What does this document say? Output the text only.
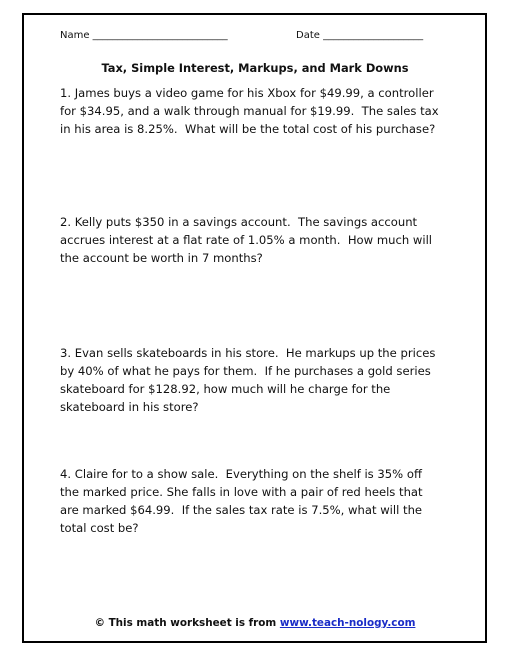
Name ___________________________	Date ____________________
Tax, Simple Interest, Markups, and Mark Downs

1. James buys a video game for his Xbox for $49.99, a controller
for $34.95, and a walk through manual for $19.99.  The sales tax
in his area is 8.25%.  What will be the total cost of his purchase?

2. Kelly puts $350 in a savings account.  The savings account
accrues interest at a flat rate of 1.05% a month.  How much will
the account be worth in 7 months?

3. Evan sells skateboards in his store.  He markups up the prices
by 40% of what he pays for them.  If he purchases a gold series
skateboard for $128.92, how much will he charge for the
skateboard in his store?

4. Claire for to a show sale.  Everything on the shelf is 35% off
the marked price. She falls in love with a pair of red heels that
are marked $64.99.  If the sales tax rate is 7.5%, what will the
total cost be?

© This math worksheet is from www.teach-nology.com
